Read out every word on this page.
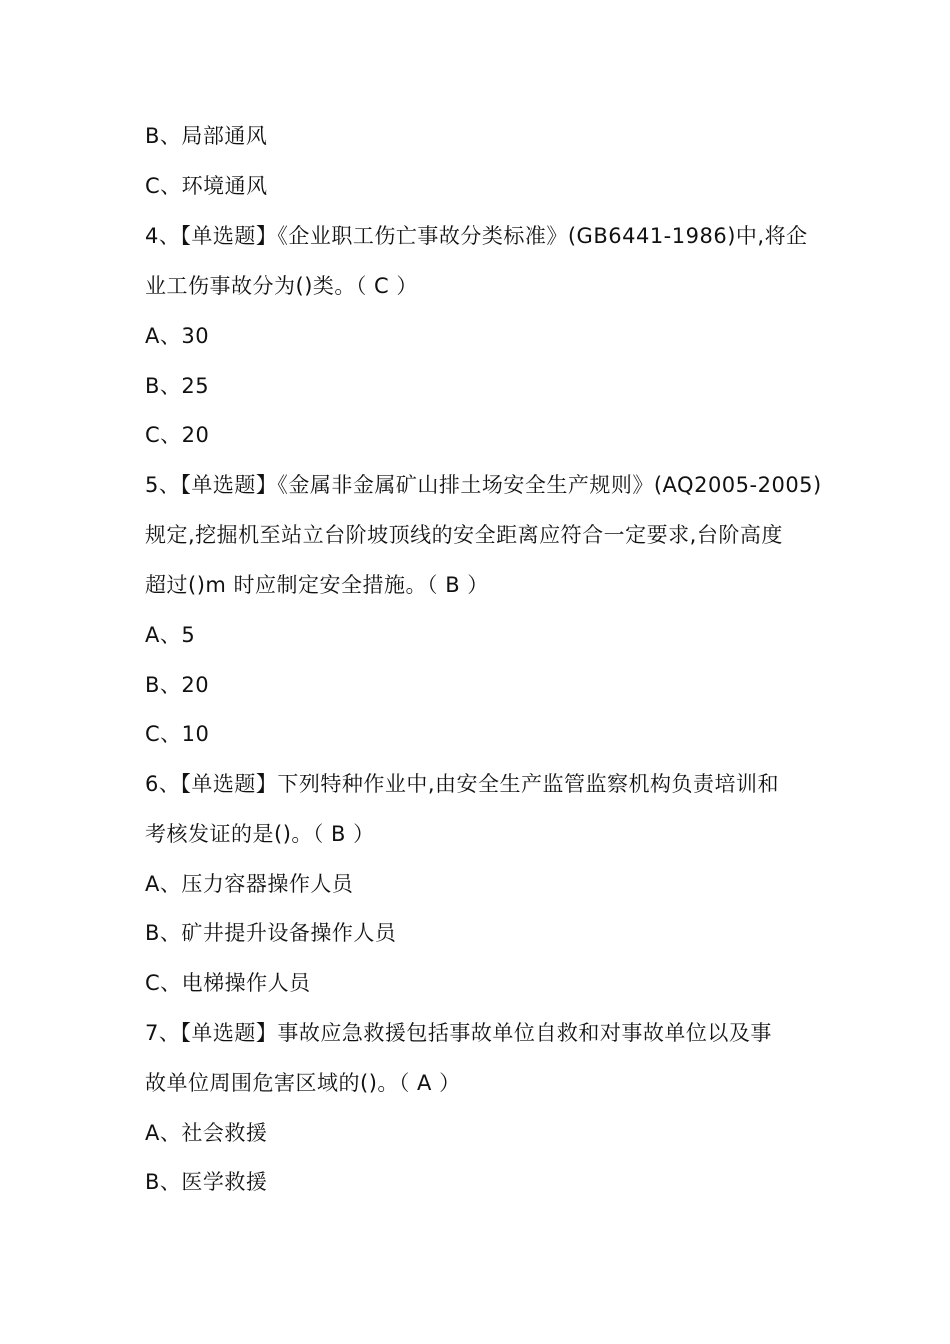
B、局部通风
C、环境通风
4、【单选题】《企业职工伤亡事故分类标准》(GB6441-1986)中,将企
业工伤事故分为()类。（ C ）
A、30
B、25
C、20
5、【单选题】《金属非金属矿山排土场安全生产规则》(AQ2005-2005)
规定,挖掘机至站立台阶坡顶线的安全距离应符合一定要求,台阶高度
超过()m 时应制定安全措施。（ B ）
A、5
B、20
C、10
6、【单选题】下列特种作业中,由安全生产监管监察机构负责培训和
考核发证的是()。（ B ）
A、压力容器操作人员
B、矿井提升设备操作人员
C、电梯操作人员
7、【单选题】事故应急救援包括事故单位自救和对事故单位以及事
故单位周围危害区域的()。（ A ）
A、社会救援
B、医学救援
